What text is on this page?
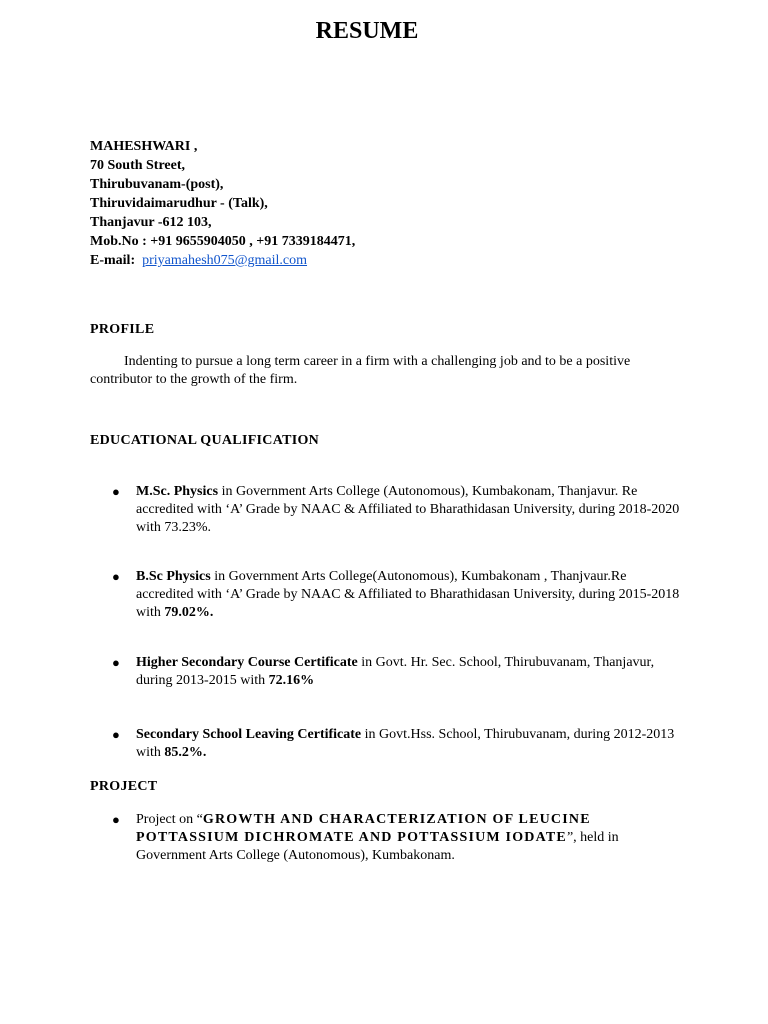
RESUME
MAHESHWARI ,
70 South Street,
Thirubuvanam-(post),
Thiruvidaimarudhur - (Talk),
Thanjavur -612 103,
Mob.No : +91 9655904050 , +91 7339184471,
E-mail: priyamahesh075@gmail.com
PROFILE
Indenting to pursue a long term career in a firm with a challenging job and to be a positive contributor to the growth of the firm.
EDUCATIONAL QUALIFICATION
● M.Sc. Physics in Government Arts College (Autonomous), Kumbakonam, Thanjavur. Re accredited with ‘A’ Grade by NAAC & Affiliated to Bharathidasan University, during 2018-2020 with 73.23%.
● B.Sc Physics in Government Arts College(Autonomous), Kumbakonam , Thanjvaur.Re accredited with ‘A’ Grade by NAAC & Affiliated to Bharathidasan University, during 2015-2018 with 79.02%.
● Higher Secondary Course Certificate in Govt. Hr. Sec. School, Thirubuvanam, Thanjavur, during 2013-2015 with 72.16%
● Secondary School Leaving Certificate in Govt.Hss. School, Thirubuvanam, during 2012-2013 with 85.2%.
PROJECT
● Project on “GROWTH AND CHARACTERIZATION OF LEUCINE POTTASSIUM DICHROMATE AND POTTASSIUM IODATE”, held in Government Arts College (Autonomous), Kumbakonam.
